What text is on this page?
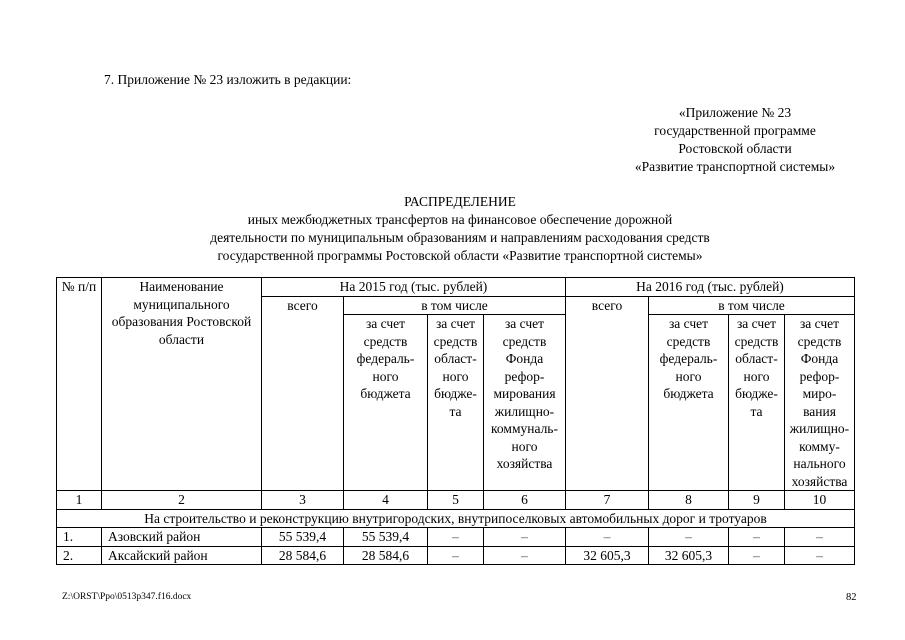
7. Приложение № 23 изложить в редакции:
«Приложение № 23
государственной программе
Ростовской области
«Развитие транспортной системы»
РАСПРЕДЕЛЕНИЕ
иных межбюджетных трансфертов на финансовое обеспечение дорожной
деятельности по муниципальным образованиям и направлениям расходования средств
государственной программы Ростовской области «Развитие транспортной системы»
№ п/п	Наименование муниципального образования Ростовской области	На 2015 год (тыс. рублей)				На 2016 год (тыс. рублей)			
		всего	в том числе			всего	в том числе		
			за счет средств федераль-ного бюджета	за счет средств област-ного бюдже-та	за счет средств Фонда рефор-мирования жилищно-коммуналь-ного хозяйства		за счет средств федераль-ного бюджета	за счет средств област-ного бюдже-та	за счет средств Фонда рефор-миро-вания жилищно-комму-нального хозяйства
1	2	3	4	5	6	7	8	9	10
На строительство и реконструкцию внутригородских, внутрипоселковых автомобильных дорог и тротуаров									
1.	Азовский район	55 539,4	55 539,4	–	–	–	–	–	–
2.	Аксайский район	28 584,6	28 584,6	–	–	32 605,3	32 605,3	–	–
Z:\ORST\Ppo\0513p347.f16.docx	82
